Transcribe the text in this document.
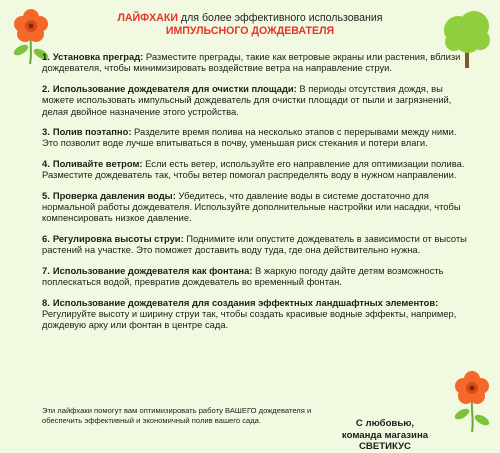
ЛАЙФХАКИ для более эффективного использования
ИМПУЛЬСНОГО ДОЖДЕВАТЕЛЯ
1. Установка преград: Разместите преграды, такие как ветровые экраны или растения, вблизи дождевателя, чтобы минимизировать воздействие ветра на направление струи.
2. Использование дождевателя для очистки площади: В периоды отсутствия дождя, вы можете использовать импульсный дождеватель для очистки площади от пыли и загрязнений, делая двойное назначение этого устройства.
3. Полив поэтапно: Разделите время полива на несколько этапов с перерывами между ними. Это позволит воде лучше впитываться в почву, уменьшая риск стекания и потери влаги.
4. Поливайте ветром: Если есть ветер, используйте его направление для оптимизации полива. Разместите дождеватель так, чтобы ветер помогал распределять воду в нужном направлении.
5. Проверка давления воды: Убедитесь, что давление воды в системе достаточно для нормальной работы дождевателя. Используйте дополнительные настройки или насадки, чтобы компенсировать низкое давление.
6. Регулировка высоты струи: Поднимите или опустите дождеватель в зависимости от высоты растений на участке. Это поможет доставить воду туда, где она действительно нужна.
7. Использование дождевателя как фонтана: В жаркую погоду дайте детям возможность поплескаться водой, превратив дождеватель во временный фонтан.
8. Использование дождевателя для создания эффектных ландшафтных элементов: Регулируйте высоту и ширину струи так, чтобы создать красивые водные эффекты, например, дождевую арку или фонтан в центре сада.
Эти лайфхаки помогут вам оптимизировать работу ВАШЕГО дождевателя и обеспечить эффективный и экономичный полив вашего сада.	С любовью,
команда магазина СВЕТИКУС
